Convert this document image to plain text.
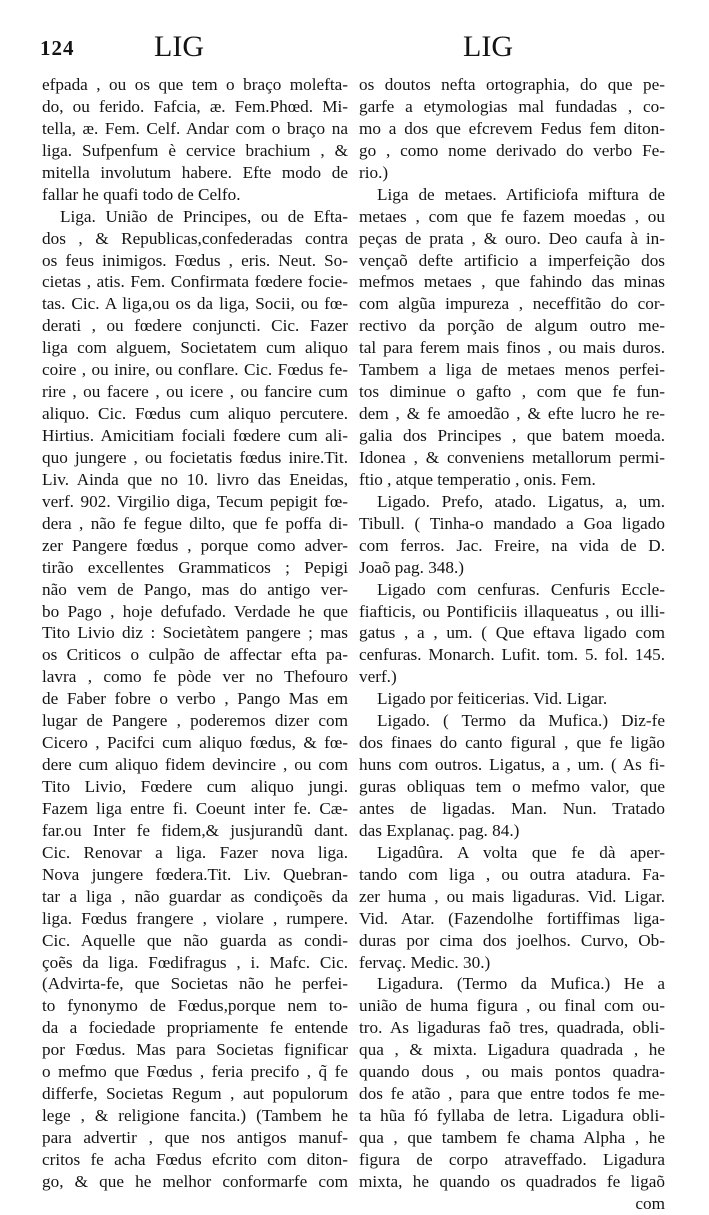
124	LIG	LIG
efpada , ou os que tem o braço molefta-
do, ou ferido. Fafcia, æ. Fem.Phœd. Mi-
tella, æ. Fem. Celf. Andar com o braço na
liga. Sufpenfum è cervice brachium , &
mitella involutum habere. Efte modo de
fallar he quafi todo de Celfo.
Liga. União de Principes, ou de Efta-
dos , & Republicas,confederadas contra
os feus inimigos. Fœdus , eris. Neut. So-
cietas , atis. Fem. Confirmata fœdere focie-
tas. Cic. A liga,ou os da liga, Socii, ou fœ-
derati , ou fœdere conjuncti. Cic. Fazer
liga com alguem, Societatem cum aliquo
coire , ou inire, ou conflare. Cic. Fœdus fe-
rire , ou facere , ou icere , ou fancire cum
aliquo. Cic. Fœdus cum aliquo percutere.
Hirtius. Amicitiam fociali fœdere cum ali-
quo jungere , ou focietatis fœdus inire.Tit.
Liv. Ainda que no 10. livro das Eneidas,
verf. 902. Virgilio diga, Tecum pepigit fœ-
dera , não fe fegue dilto, que fe poffa di-
zer Pangere fœdus , porque como adver-
tirão excellentes Grammaticos ; Pepigi
não vem de Pango, mas do antigo ver-
bo Pago , hoje defufado. Verdade he que
Tito Livio diz : Societàtem pangere ; mas
os Criticos o culpão de affectar efta pa-
lavra , como fe pòde ver no Thefouro
de Faber fobre o verbo , Pango Mas em
lugar de Pangere , poderemos dizer com
Cicero , Pacifci cum aliquo fœdus, & fœ-
dere cum aliquo fidem devincire , ou com
Tito Livio, Fœdere cum aliquo jungi.
Fazem liga entre fi. Coeunt inter fe. Cæ-
far.ou Inter fe fidem,& jusjurandũ dant.
Cic. Renovar a liga. Fazer nova liga.
Nova jungere fœdera.Tit. Liv. Quebran-
tar a liga , não guardar as condiçoẽs da
liga. Fœdus frangere , violare , rumpere.
Cic. Aquelle que não guarda as condi-
çoẽs da liga. Fœdifragus , i. Mafc. Cic.
(Advirta-fe, que Societas não he perfei-
to fynonymo de Fœdus,porque nem to-
da a fociedade propriamente fe entende
por Fœdus. Mas para Societas fignificar
o mefmo que Fœdus , feria precifo , q̃ fe
differfe, Societas Regum , aut populorum
lege , & religione fancita.) (Tambem he
para advertir , que nos antigos manuf-
critos fe acha Fœdus efcrito com diton-
go, & que he melhor conformarfe com
os doutos nefta ortographia, do que pe-
garfe a etymologias mal fundadas , co-
mo a dos que efcrevem Fedus fem diton-
go , como nome derivado do verbo Fe-
rio.)
Liga de metaes. Artificiofa miftura de
metaes , com que fe fazem moedas , ou
peças de prata , & ouro. Deo caufa à in-
vençaõ defte artificio a imperfeição dos
mefmos metaes , que fahindo das minas
com algũa impureza , neceffitão do cor-
rectivo da porção de algum outro me-
tal para ferem mais finos , ou mais duros.
Tambem a liga de metaes menos perfei-
tos diminue o gafto , com que fe fun-
dem , & fe amoedão , & efte lucro he re-
galia dos Principes , que batem moeda.
Idonea , & conveniens metallorum permi-
ftio , atque temperatio , onis. Fem.
Ligado. Prefo, atado. Ligatus, a, um.
Tibull. ( Tinha-o mandado a Goa ligado
com ferros. Jac. Freire, na vida de D.
Joaõ pag. 348.)
Ligado com cenfuras. Cenfuris Eccle-
fiafticis, ou Pontificiis illaqueatus , ou illi-
gatus , a , um. ( Que eftava ligado com
cenfuras. Monarch. Lufit. tom. 5. fol. 145.
verf.)
Ligado por feiticerias. Vid. Ligar.
Ligado. ( Termo da Mufica.) Diz-fe
dos finaes do canto figural , que fe ligão
huns com outros. Ligatus, a , um. ( As fi-
guras obliquas tem o mefmo valor, que
antes de ligadas. Man. Nun. Tratado
das Explanaç. pag. 84.)
Ligadûra. A volta que fe dà aper-
tando com liga , ou outra atadura. Fa-
zer huma , ou mais ligaduras. Vid. Ligar.
Vid. Atar. (Fazendolhe fortiffimas liga-
duras por cima dos joelhos. Curvo, Ob-
fervaç. Medic. 30.)
Ligadura. (Termo da Mufica.) He a
união de huma figura , ou final com ou-
tro. As ligaduras faõ tres, quadrada, obli-
qua , & mixta. Ligadura quadrada , he
quando dous , ou mais pontos quadra-
dos fe atão , para que entre todos fe me-
ta hũa fó fyllaba de letra. Ligadura obli-
qua , que tambem fe chama Alpha , he
figura de corpo atraveffado. Ligadura
mixta, he quando os quadrados fe ligaõ
com
